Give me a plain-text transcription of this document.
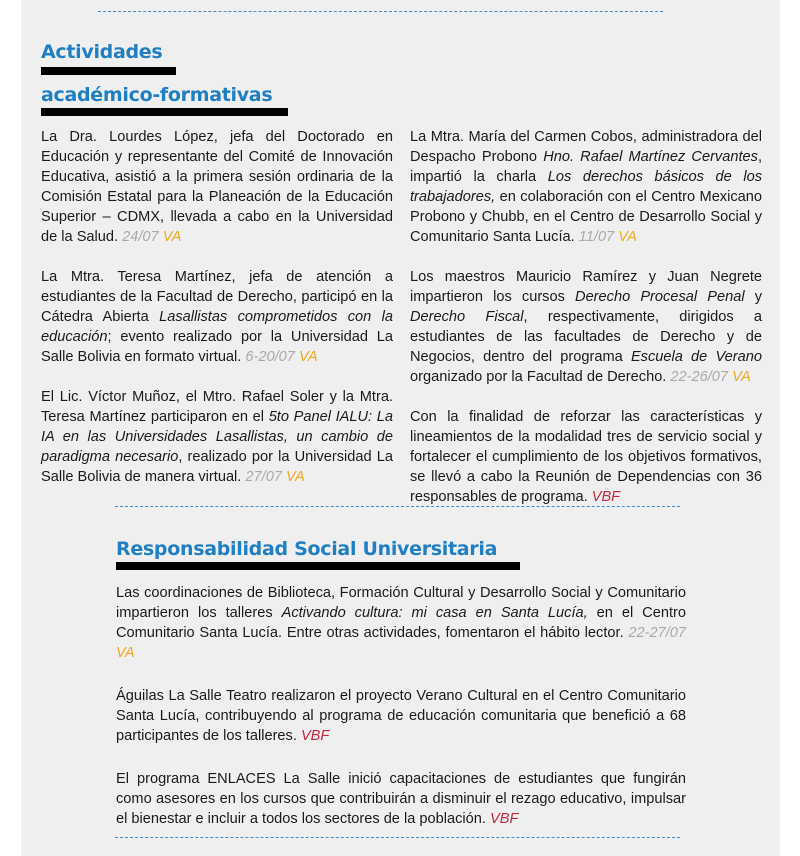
Actividades
académico-formativas

La Dra. Lourdes López, jefa del Doctorado en Educación y representante del Comité de Innovación Educativa, asistió a la primera sesión ordinaria de la Comisión Estatal para la Planeación de la Educación Superior – CDMX, llevada a cabo en la Universidad de la Salud. 24/07 VA

La Mtra. Teresa Martínez, jefa de atención a estudiantes de la Facultad de Derecho, participó en la Cátedra Abierta Lasallistas comprometidos con la educación; evento realizado por la Universidad La Salle Bolivia en formato virtual. 6-20/07 VA

El Lic. Víctor Muñoz, el Mtro. Rafael Soler y la Mtra. Teresa Martínez participaron en el 5to Panel IALU: La IA en las Universidades Lasallistas, un cambio de paradigma necesario, realizado por la Universidad La Salle Bolivia de manera virtual. 27/07 VA

La Mtra. María del Carmen Cobos, administradora del Despacho Probono Hno. Rafael Martínez Cervantes, impartió la charla Los derechos básicos de los trabajadores, en colaboración con el Centro Mexicano Probono y Chubb, en el Centro de Desarrollo Social y Comunitario Santa Lucía. 11/07 VA

Los maestros Mauricio Ramírez y Juan Negrete impartieron los cursos Derecho Procesal Penal y Derecho Fiscal, respectivamente, dirigidos a estudiantes de las facultades de Derecho y de Negocios, dentro del programa Escuela de Verano organizado por la Facultad de Derecho. 22-26/07 VA

Con la finalidad de reforzar las características y lineamientos de la modalidad tres de servicio social y fortalecer el cumplimiento de los objetivos formativos, se llevó a cabo la Reunión de Dependencias con 36 responsables de programa. VBF

Responsabilidad Social Universitaria

Las coordinaciones de Biblioteca, Formación Cultural y Desarrollo Social y Comunitario impartieron los talleres Activando cultura: mi casa en Santa Lucía, en el Centro Comunitario Santa Lucía. Entre otras actividades, fomentaron el hábito lector. 22-27/07 VA

Águilas La Salle Teatro realizaron el proyecto Verano Cultural en el Centro Comunitario Santa Lucía, contribuyendo al programa de educación comunitaria que benefició a 68 participantes de los talleres. VBF

El programa ENLACES La Salle inició capacitaciones de estudiantes que fungirán como asesores en los cursos que contribuirán a disminuir el rezago educativo, impulsar el bienestar e incluir a todos los sectores de la población. VBF
